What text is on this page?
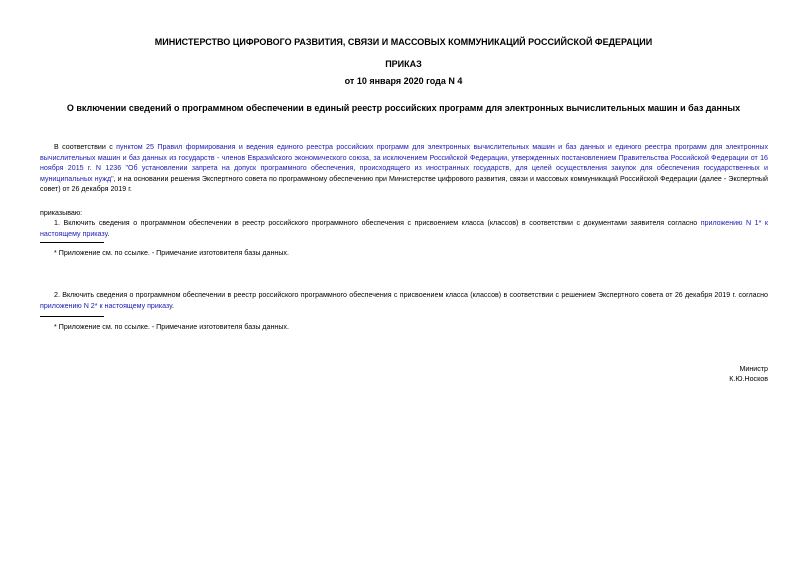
МИНИСТЕРСТВО ЦИФРОВОГО РАЗВИТИЯ, СВЯЗИ И МАССОВЫХ КОММУНИКАЦИЙ РОССИЙСКОЙ ФЕДЕРАЦИИ
ПРИКАЗ
от 10 января 2020 года N 4
О включении сведений о программном обеспечении в единый реестр российских программ для электронных вычислительных машин и баз данных
В соответствии с пунктом 25 Правил формирования и ведения единого реестра российских программ для электронных вычислительных машин и баз данных и единого реестра программ для электронных вычислительных машин и баз данных из государств - членов Евразийского экономического союза, за исключением Российской Федерации, утвержденных постановлением Правительства Российской Федерации от 16 ноября 2015 г. N 1236 "Об установлении запрета на допуск программного обеспечения, происходящего из иностранных государств, для целей осуществления закупок для обеспечения государственных и муниципальных нужд", и на основании решения Экспертного совета по программному обеспечению при Министерстве цифрового развития, связи и массовых коммуникаций Российской Федерации (далее - Экспертный совет) от 26 декабря 2019 г.
приказываю:
1. Включить сведения о программном обеспечении в реестр российского программного обеспечения с присвоением класса (классов) в соответствии с документами заявителя согласно приложению N 1* к настоящему приказу.
* Приложение см. по ссылке. - Примечание изготовителя базы данных.
2. Включить сведения о программном обеспечении в реестр российского программного обеспечения с присвоением класса (классов) в соответствии с решением Экспертного совета от 26 декабря 2019 г. согласно приложению N 2* к настоящему приказу.
* Приложение см. по ссылке. - Примечание изготовителя базы данных.
Министр
К.Ю.Носков
